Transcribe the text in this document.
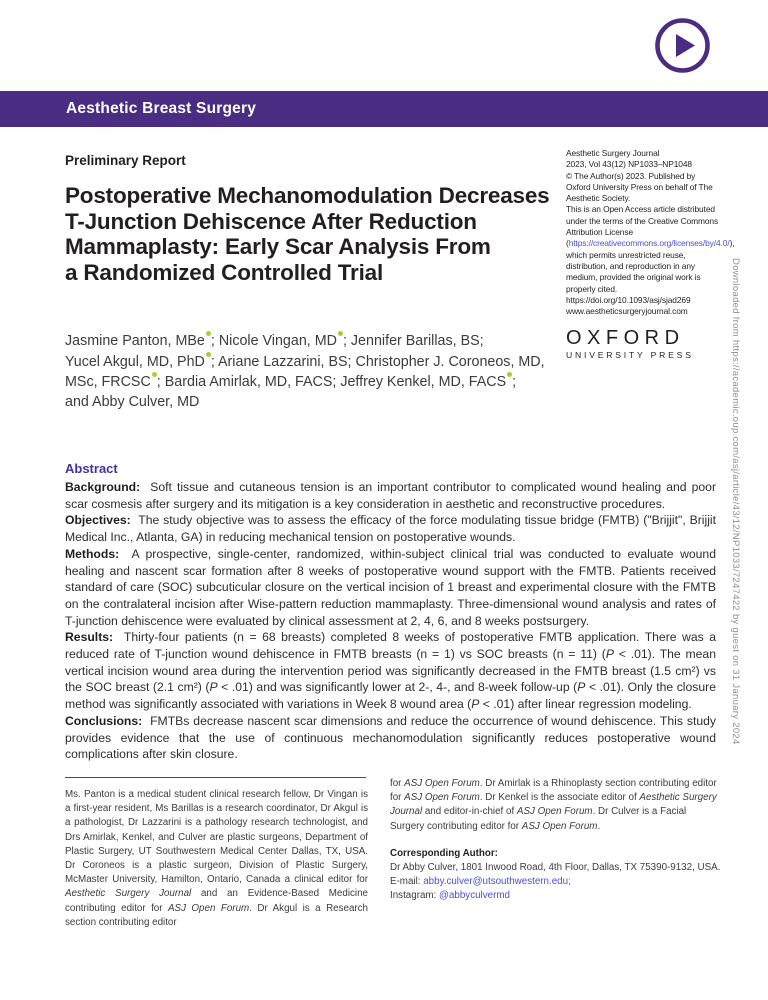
Aesthetic Breast Surgery
Preliminary Report
Postoperative Mechanomodulation Decreases
T-Junction Dehiscence After Reduction
Mammaplasty: Early Scar Analysis From
a Randomized Controlled Trial
Jasmine Panton, MBe ; Nicole Vingan, MD ; Jennifer Barillas, BS;
Yucel Akgul, MD, PhD ; Ariane Lazzarini, BS; Christopher J. Coroneos, MD,
MSc, FRCSC ; Bardia Amirlak, MD, FACS; Jeffrey Kenkel, MD, FACS ;
and Abby Culver, MD
Aesthetic Surgery Journal
2023, Vol 43(12) NP1033–NP1048
© The Author(s) 2023. Published by Oxford University Press on behalf of The Aesthetic Society.
This is an Open Access article distributed under the terms of the Creative Commons Attribution License (https://creativecommons.org/licenses/by/4.0/), which permits unrestricted reuse, distribution, and reproduction in any medium, provided the original work is properly cited.
https://doi.org/10.1093/asj/sjad269
www.aestheticsurgeryjournal.com
OXFORD
UNIVERSITY PRESS
Abstract

Background: Soft tissue and cutaneous tension is an important contributor to complicated wound healing and poor scar cosmesis after surgery and its mitigation is a key consideration in aesthetic and reconstructive procedures.

Objectives: The study objective was to assess the efficacy of the force modulating tissue bridge (FMTB) ("Brijjit", Brijjit Medical Inc., Atlanta, GA) in reducing mechanical tension on postoperative wounds.

Methods: A prospective, single-center, randomized, within-subject clinical trial was conducted to evaluate wound healing and nascent scar formation after 8 weeks of postoperative wound support with the FMTB. Patients received standard of care (SOC) subcuticular closure on the vertical incision of 1 breast and experimental closure with the FMTB on the contralateral incision after Wise-pattern reduction mammaplasty. Three-dimensional wound analysis and rates of T-junction dehiscence were evaluated by clinical assessment at 2, 4, 6, and 8 weeks postsurgery.

Results: Thirty-four patients (n = 68 breasts) completed 8 weeks of postoperative FMTB application. There was a reduced rate of T-junction wound dehiscence in FMTB breasts (n = 1) vs SOC breasts (n = 11) (P < .01). The mean vertical incision wound area during the intervention period was significantly decreased in the FMTB breast (1.5 cm²) vs the SOC breast (2.1 cm²) (P < .01) and was significantly lower at 2-, 4-, and 8-week follow-up (P < .01). Only the closure method was significantly associated with variations in Week 8 wound area (P < .01) after linear regression modeling.

Conclusions: FMTBs decrease nascent scar dimensions and reduce the occurrence of wound dehiscence. This study provides evidence that the use of continuous mechanomodulation significantly reduces postoperative wound complications after skin closure.

Ms. Panton is a medical student clinical research fellow, Dr Vingan is a first-year resident, Ms Barillas is a research coordinator, Dr Akgul is a pathologist, Dr Lazzarini is a pathology research technologist, and Drs Amirlak, Kenkel, and Culver are plastic surgeons, Department of Plastic Surgery, UT Southwestern Medical Center Dallas, TX, USA. Dr Coroneos is a plastic surgeon, Division of Plastic Surgery, McMaster University, Hamilton, Ontario, Canada a clinical editor for Aesthetic Surgery Journal and an Evidence-Based Medicine contributing editor for ASJ Open Forum. Dr Akgul is a Research section contributing editor
for ASJ Open Forum. Dr Amirlak is a Rhinoplasty section contributing editor for ASJ Open Forum. Dr Kenkel is the associate editor of Aesthetic Surgery Journal and editor-in-chief of ASJ Open Forum. Dr Culver is a Facial Surgery contributing editor for ASJ Open Forum.
Corresponding Author:
Dr Abby Culver, 1801 Inwood Road, 4th Floor, Dallas, TX 75390-9132, USA.
E-mail: abby.culver@utsouthwestern.edu;
Instagram: @abbyculvermd
Downloaded from https://academic.oup.com/asj/article/43/12/NP1033/7247422 by guest on 31 January 2024
